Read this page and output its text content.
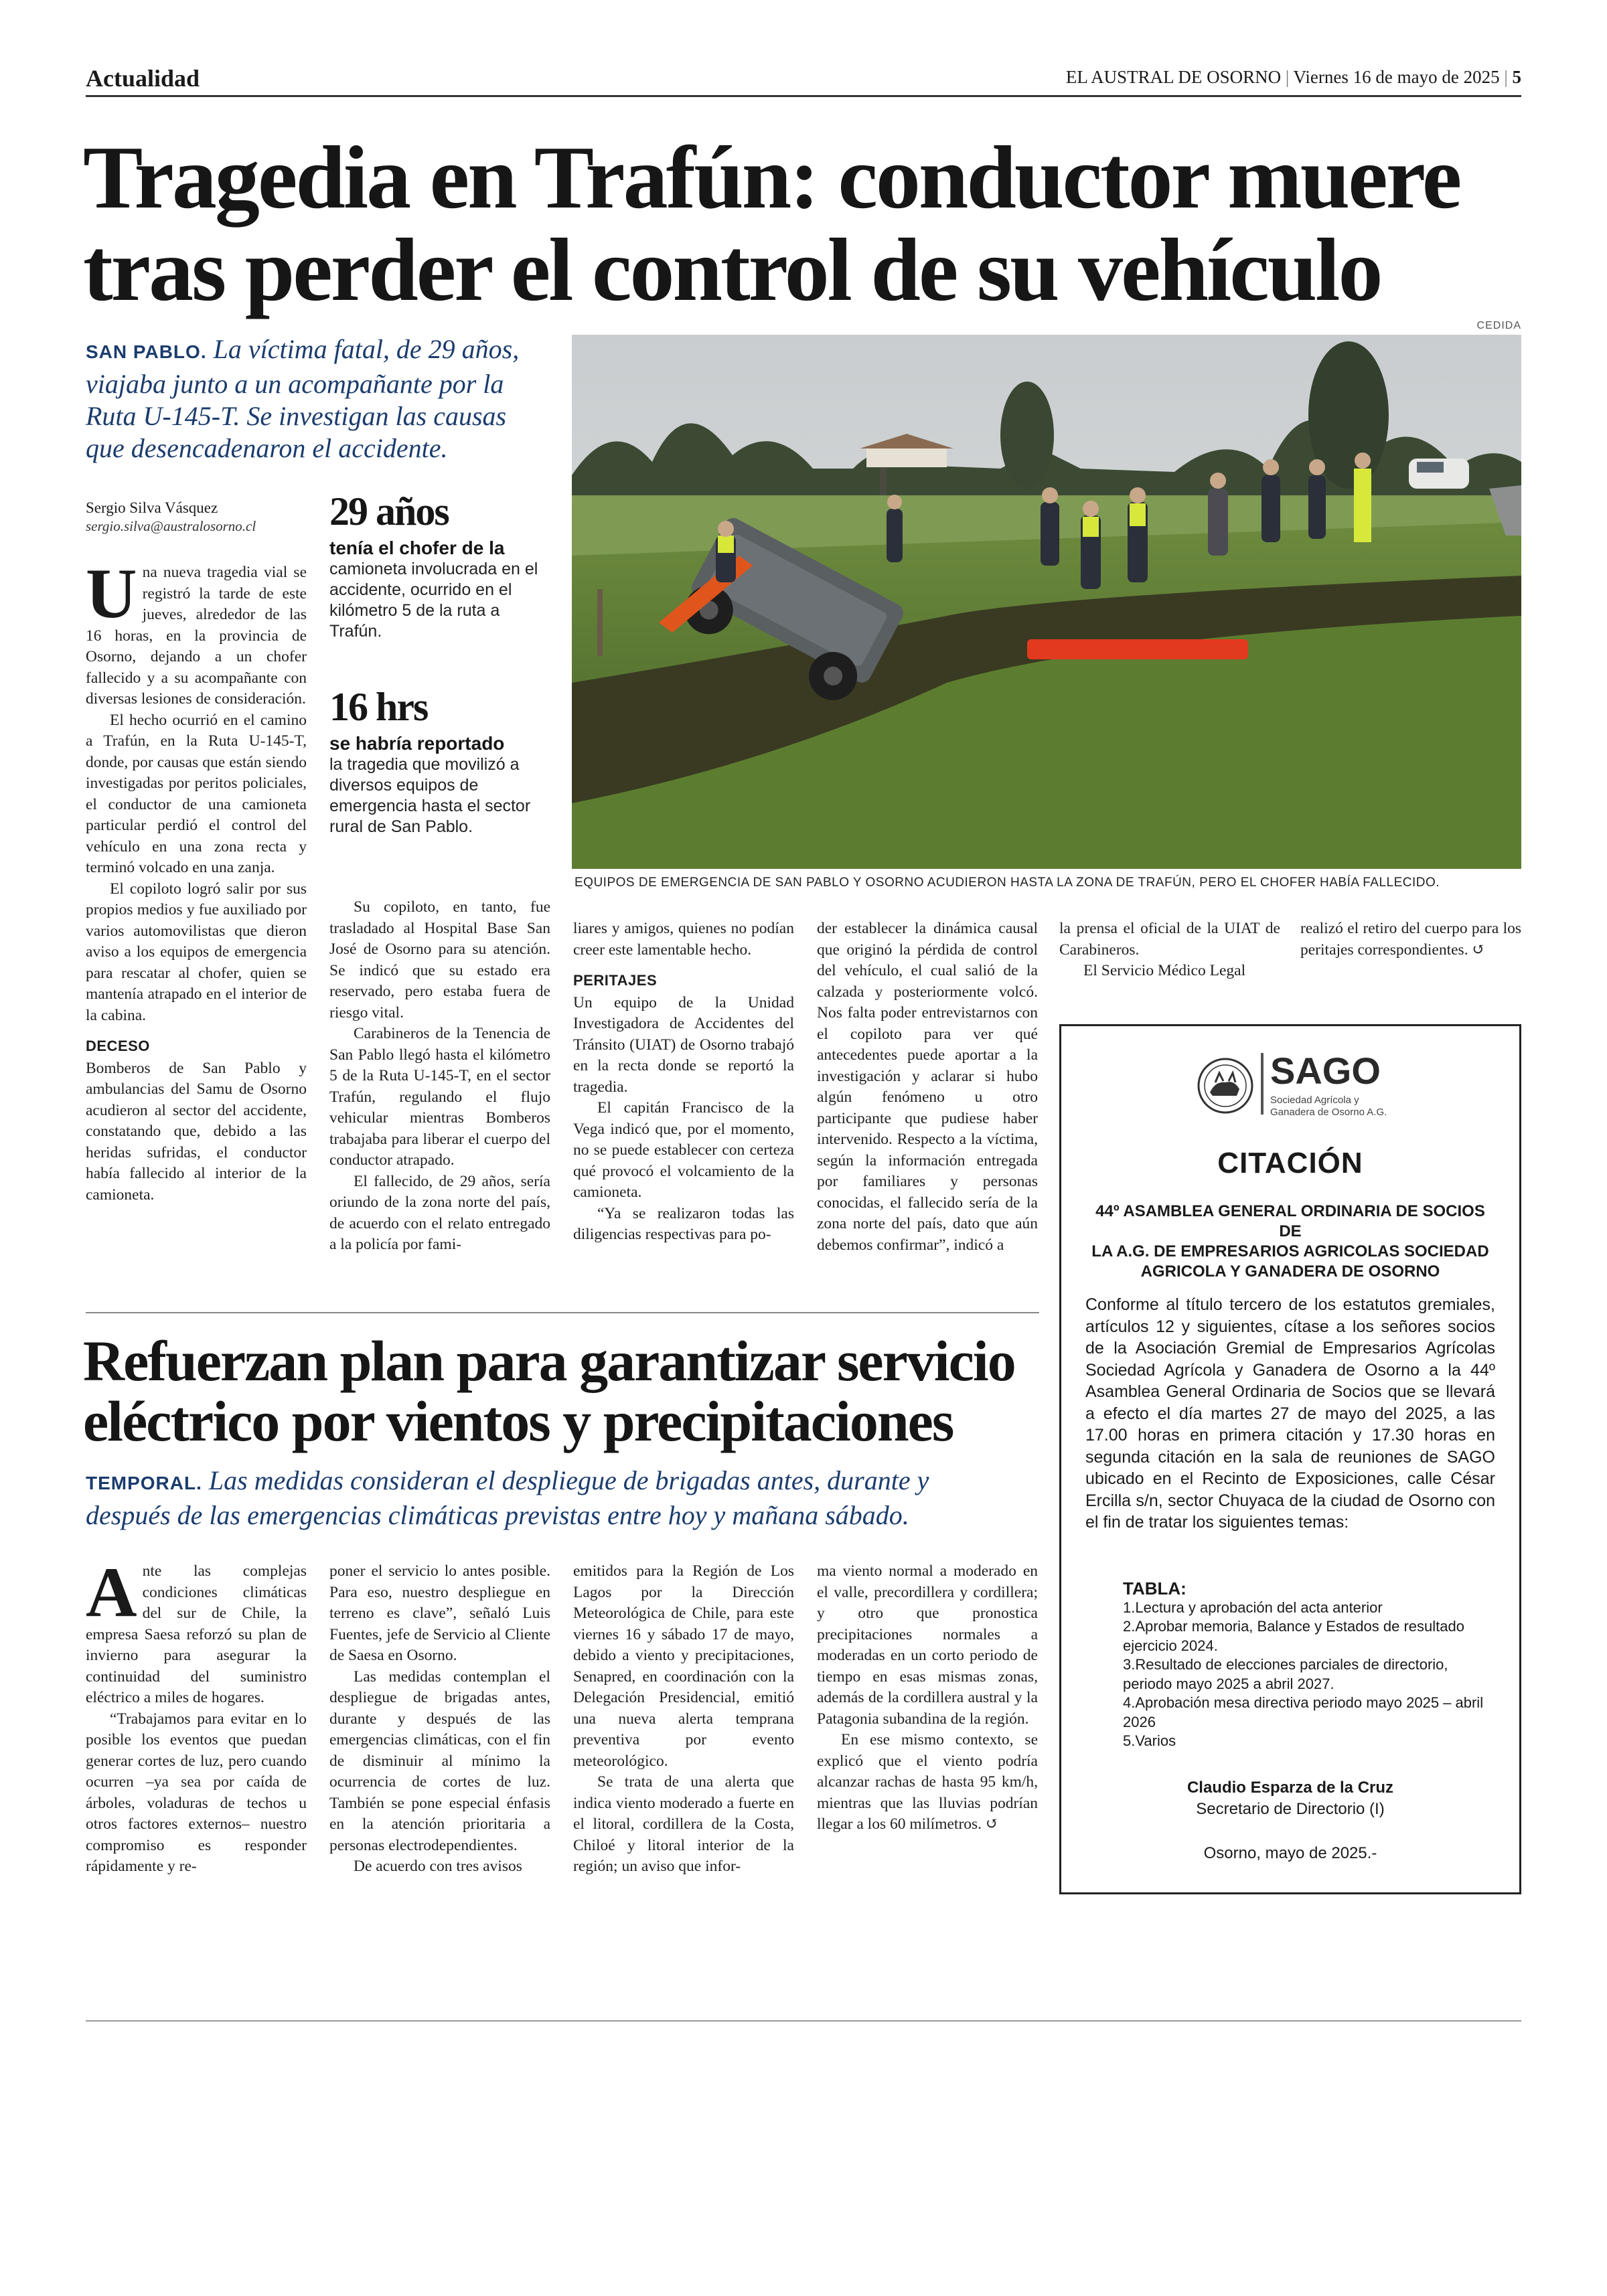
Actualidad	EL AUSTRAL DE OSORNO | Viernes 16 de mayo de 2025 | 5
Tragedia en Trafún: conductor muere
tras perder el control de su vehículo
CEDIDA
SAN PABLO. La víctima fatal, de 29 años, viajaba junto a un acompañante por la Ruta U-145-T. Se investigan las causas que desencadenaron el accidente.
Sergio Silva Vásquez
sergio.silva@australosorno.cl
EQUIPOS DE EMERGENCIA DE SAN PABLO Y OSORNO ACUDIERON HASTA LA ZONA DE TRAFÚN, PERO EL CHOFER HABÍA FALLECIDO.
29 años
tenía el chofer de la
camioneta involucrada en el accidente, ocurrido en el kilómetro 5 de la ruta a Trafún.
16 hrs
se habría reportado
la tragedia que movilizó a diversos equipos de emergencia hasta el sector rural de San Pablo.

Una nueva tragedia vial se registró la tarde de este jueves, alrededor de las 16 horas, en la provincia de Osorno, dejando a un chofer fallecido y a su acompañante con diversas lesiones de consideración.

El hecho ocurrió en el camino a Trafún, en la Ruta U-145-T, donde, por causas que están siendo investigadas por peritos policiales, el conductor de una camioneta particular perdió el control del vehículo en una zona recta y terminó volcado en una zanja.

El copiloto logró salir por sus propios medios y fue auxiliado por varios automovilistas que dieron aviso a los equipos de emergencia para rescatar al chofer, quien se mantenía atrapado en el interior de la cabina.

DECESO

Bomberos de San Pablo y ambulancias del Samu de Osorno acudieron al sector del accidente, constatando que, debido a las heridas sufridas, el conductor había fallecido al interior de la camioneta.

Su copiloto, en tanto, fue trasladado al Hospital Base San José de Osorno para su atención. Se indicó que su estado era reservado, pero estaba fuera de riesgo vital.

Carabineros de la Tenencia de San Pablo llegó hasta el kilómetro 5 de la Ruta U-145-T, en el sector Trafún, regulando el flujo vehicular mientras Bomberos trabajaba para liberar el cuerpo del conductor atrapado.

El fallecido, de 29 años, sería oriundo de la zona norte del país, de acuerdo con el relato entregado a la policía por fami-

liares y amigos, quienes no podían creer este lamentable hecho.

PERITAJES

Un equipo de la Unidad Investigadora de Accidentes del Tránsito (UIAT) de Osorno trabajó en la recta donde se reportó la tragedia.

El capitán Francisco de la Vega indicó que, por el momento, no se puede establecer con certeza qué provocó el volcamiento de la camioneta.

“Ya se realizaron todas las diligencias respectivas para po-

der establecer la dinámica causal que originó la pérdida de control del vehículo, el cual salió de la calzada y posteriormente volcó. Nos falta poder entrevistarnos con el copiloto para ver qué antecedentes puede aportar a la investigación y aclarar si hubo algún fenómeno u otro participante que pudiese haber intervenido. Respecto a la víctima, según la información entregada por familiares y personas conocidas, el fallecido sería de la zona norte del país, dato que aún debemos confirmar”, indicó a

la prensa el oficial de la UIAT de Carabineros.

El Servicio Médico Legal

realizó el retiro del cuerpo para los peritajes correspondientes. ↺

Refuerzan plan para garantizar servicio
eléctrico por vientos y precipitaciones
TEMPORAL. Las medidas consideran el despliegue de brigadas antes, durante y después de las emergencias climáticas previstas entre hoy y mañana sábado.

Ante las complejas condiciones climáticas del sur de Chile, la empresa Saesa reforzó su plan de invierno para asegurar la continuidad del suministro eléctrico a miles de hogares.

“Trabajamos para evitar en lo posible los eventos que puedan generar cortes de luz, pero cuando ocurren –ya sea por caída de árboles, voladuras de techos u otros factores externos– nuestro compromiso es responder rápidamente y re-

poner el servicio lo antes posible. Para eso, nuestro despliegue en terreno es clave”, señaló Luis Fuentes, jefe de Servicio al Cliente de Saesa en Osorno.

Las medidas contemplan el despliegue de brigadas antes, durante y después de las emergencias climáticas, con el fin de disminuir al mínimo la ocurrencia de cortes de luz. También se pone especial énfasis en la atención prioritaria a personas electrodependientes.

De acuerdo con tres avisos

emitidos para la Región de Los Lagos por la Dirección Meteorológica de Chile, para este viernes 16 y sábado 17 de mayo, debido a viento y precipitaciones, Senapred, en coordinación con la Delegación Presidencial, emitió una nueva alerta temprana preventiva por evento meteorológico.

Se trata de una alerta que indica viento moderado a fuerte en el litoral, cordillera de la Costa, Chiloé y litoral interior de la región; un aviso que infor-

ma viento normal a moderado en el valle, precordillera y cordillera; y otro que pronostica precipitaciones normales a moderadas en un corto periodo de tiempo en esas mismas zonas, además de la cordillera austral y la Patagonia subandina de la región.

En ese mismo contexto, se explicó que el viento podría alcanzar rachas de hasta 95 km/h, mientras que las lluvias podrían llegar a los 60 milímetros. ↺

SAGO
Sociedad Agrícola y Ganadera de Osorno A.G.
CITACIÓN
44º ASAMBLEA GENERAL ORDINARIA DE SOCIOS DE
LA A.G. DE EMPRESARIOS AGRICOLAS SOCIEDAD
AGRICOLA Y GANADERA DE OSORNO
Conforme al título tercero de los estatutos gremiales, artículos 12 y siguientes, cítase a los señores socios de la Asociación Gremial de Empresarios Agrícolas Sociedad Agrícola y Ganadera de Osorno a la 44º Asamblea General Ordinaria de Socios que se llevará a efecto el día martes 27 de mayo del 2025, a las 17.00 horas en primera citación y 17.30 horas en segunda citación en la sala de reuniones de SAGO ubicado en el Recinto de Exposiciones, calle César Ercilla s/n, sector Chuyaca de la ciudad de Osorno con el fin de tratar los siguientes temas:
TABLA:
1.Lectura y aprobación del acta anterior
2.Aprobar memoria, Balance y Estados de resultado
ejercicio 2024.
3.Resultado de elecciones parciales de directorio,
periodo mayo 2025 a abril 2027.
4.Aprobación mesa directiva periodo mayo 2025 – abril 2026
5.Varios
Claudio Esparza de la Cruz
Secretario de Directorio (I)
Osorno, mayo de 2025.-
